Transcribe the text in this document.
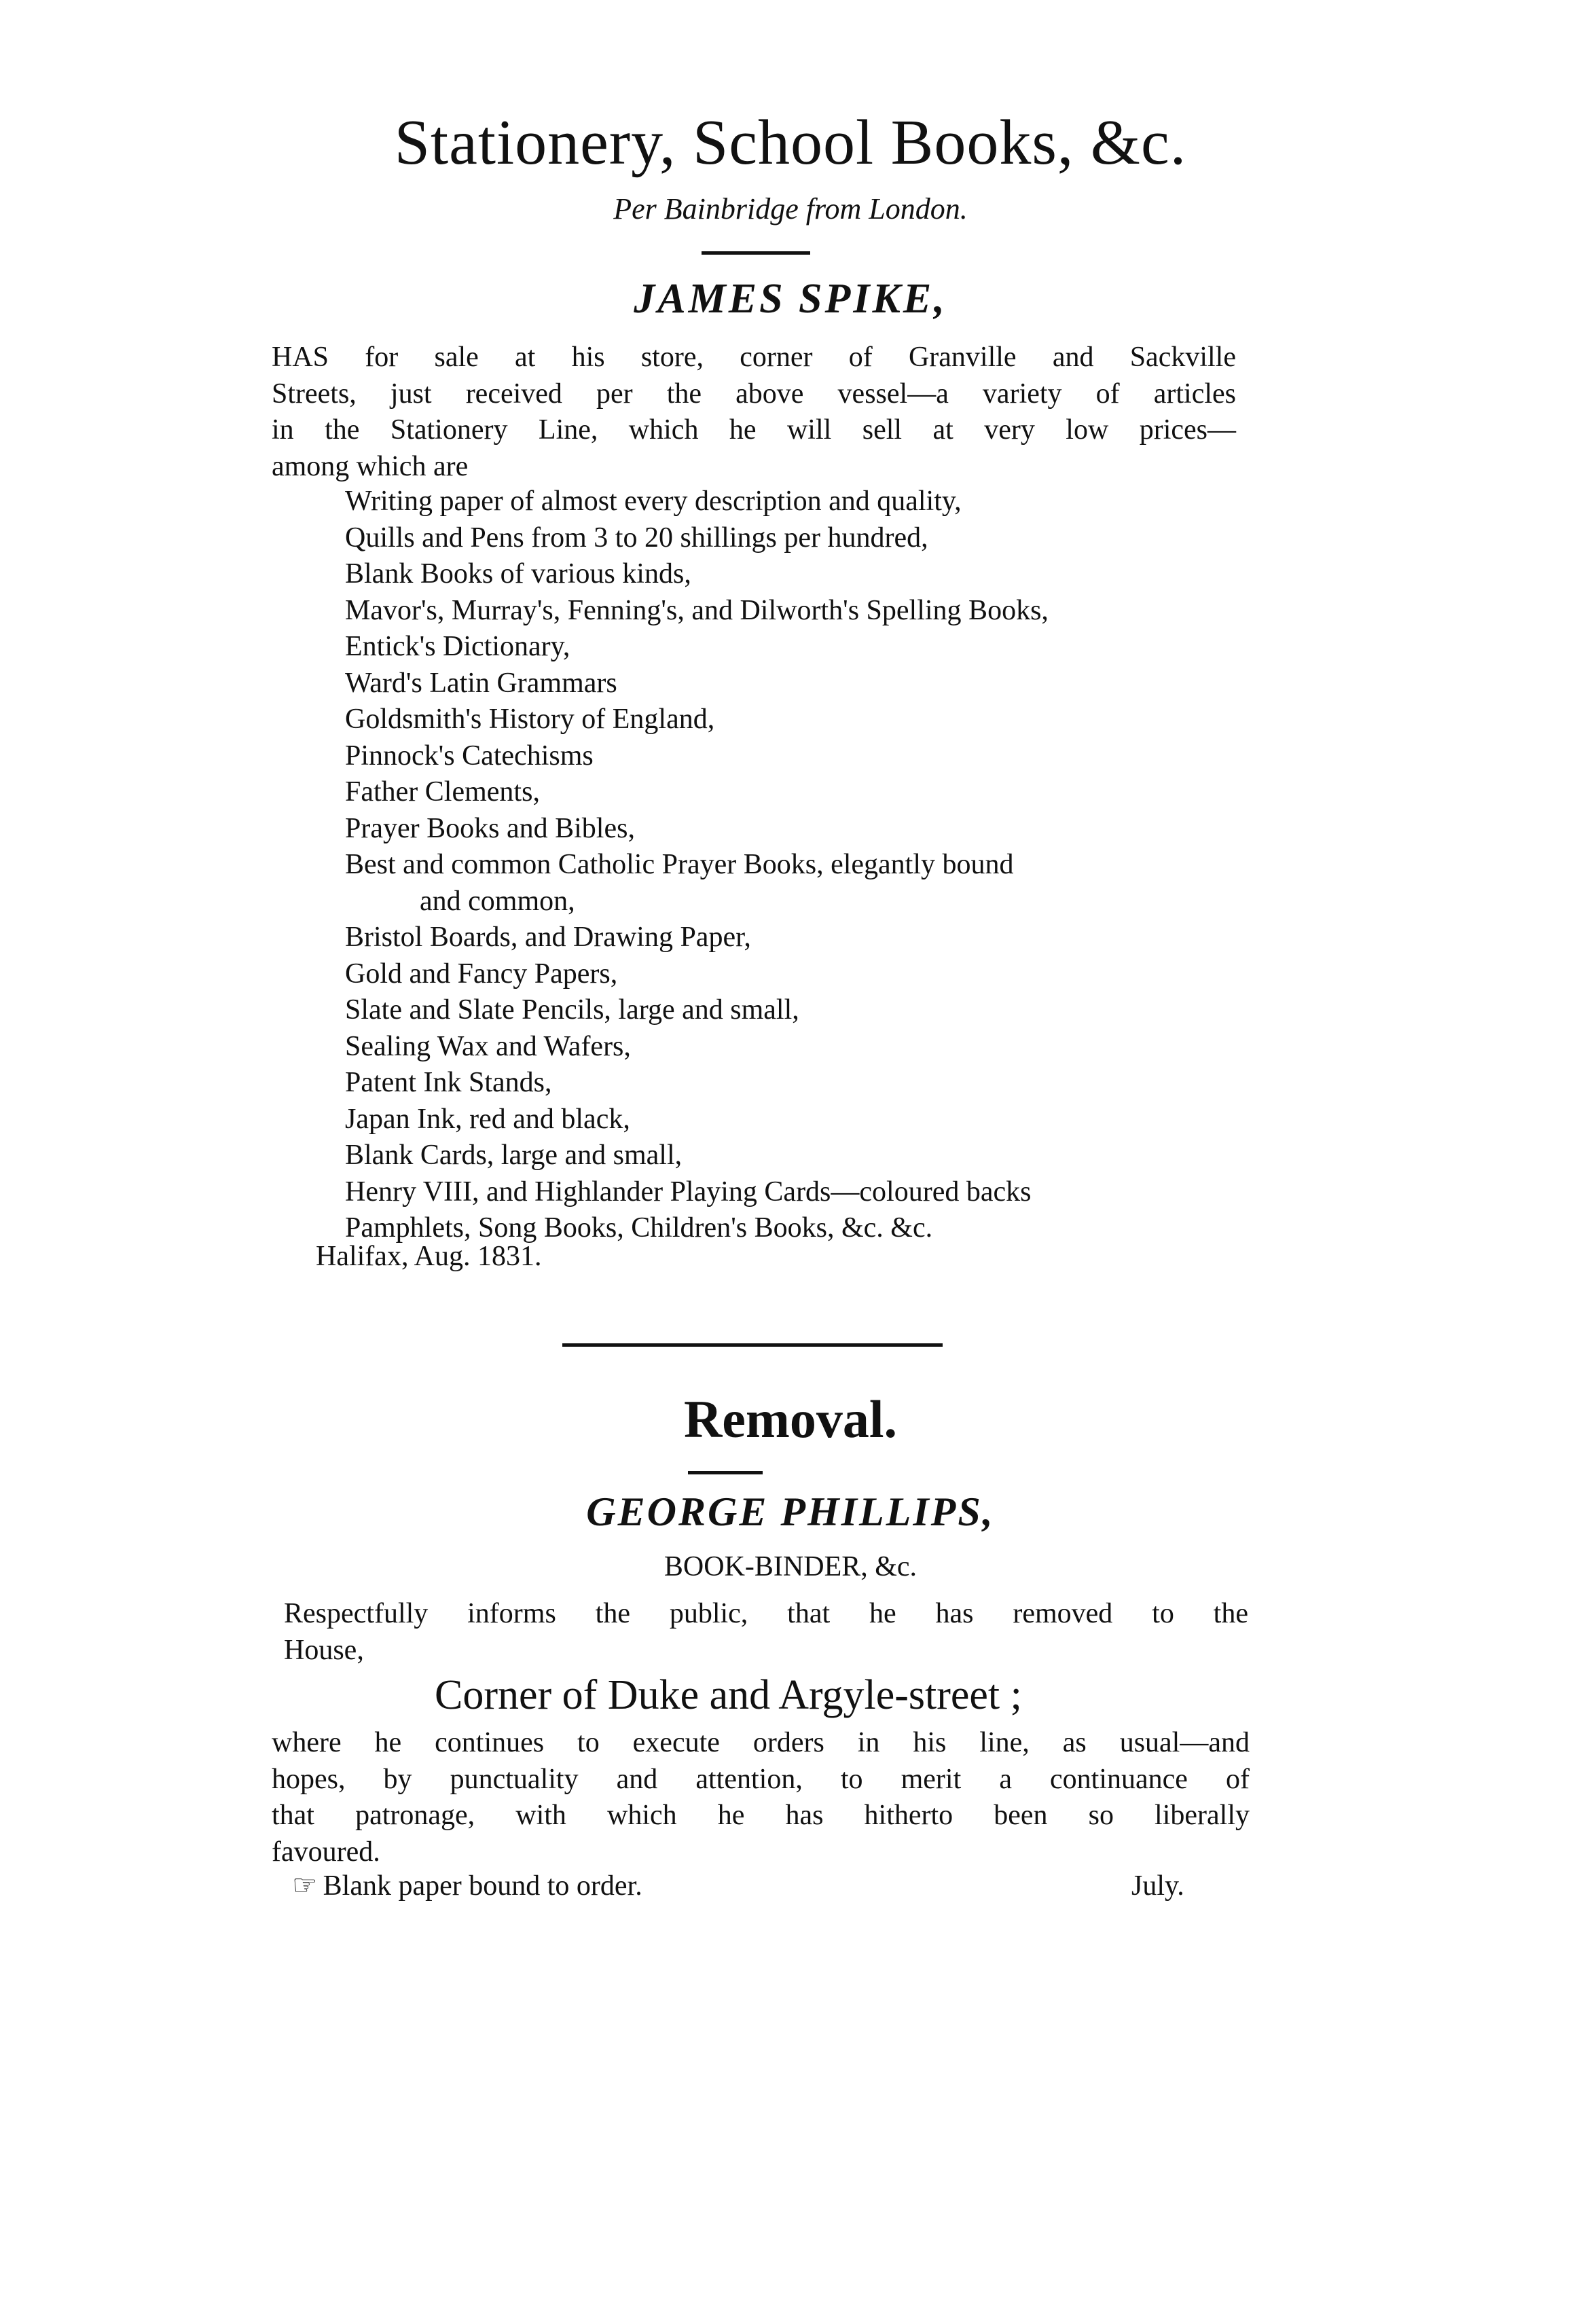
Stationery, School Books, &c.
Per Bainbridge from London.
JAMES SPIKE,
HAS for sale at his store, corner of Granville and Sackville
Streets, just received per the above vessel—a variety of articles
in the Stationery Line, which he will sell at very low prices—
among which are
Writing paper of almost every description and quality,
Quills and Pens from 3 to 20 shillings per hundred,
Blank Books of various kinds,
Mavor's, Murray's, Fenning's, and Dilworth's Spelling Books,
Entick's Dictionary,
Ward's Latin Grammars
Goldsmith's History of England,
Pinnock's Catechisms
Father Clements,
Prayer Books and Bibles,
Best and common Catholic Prayer Books, elegantly bound
and common,
Bristol Boards, and Drawing Paper,
Gold and Fancy Papers,
Slate and Slate Pencils, large and small,
Sealing Wax and Wafers,
Patent Ink Stands,
Japan Ink, red and black,
Blank Cards, large and small,
Henry VIII, and Highlander Playing Cards—coloured backs
Pamphlets, Song Books, Children's Books, &c. &c.
Halifax, Aug. 1831.
Removal.
GEORGE PHILLIPS,
BOOK-BINDER, &c.
Respectfully informs the public, that he has removed to the
House,
Corner of Duke and Argyle-street ;
where he continues to execute orders in his line, as usual—and
hopes, by punctuality and attention, to merit a continuance of
that patronage, with which he has hitherto been so liberally
favoured.
☞ Blank paper bound to order.	July.
